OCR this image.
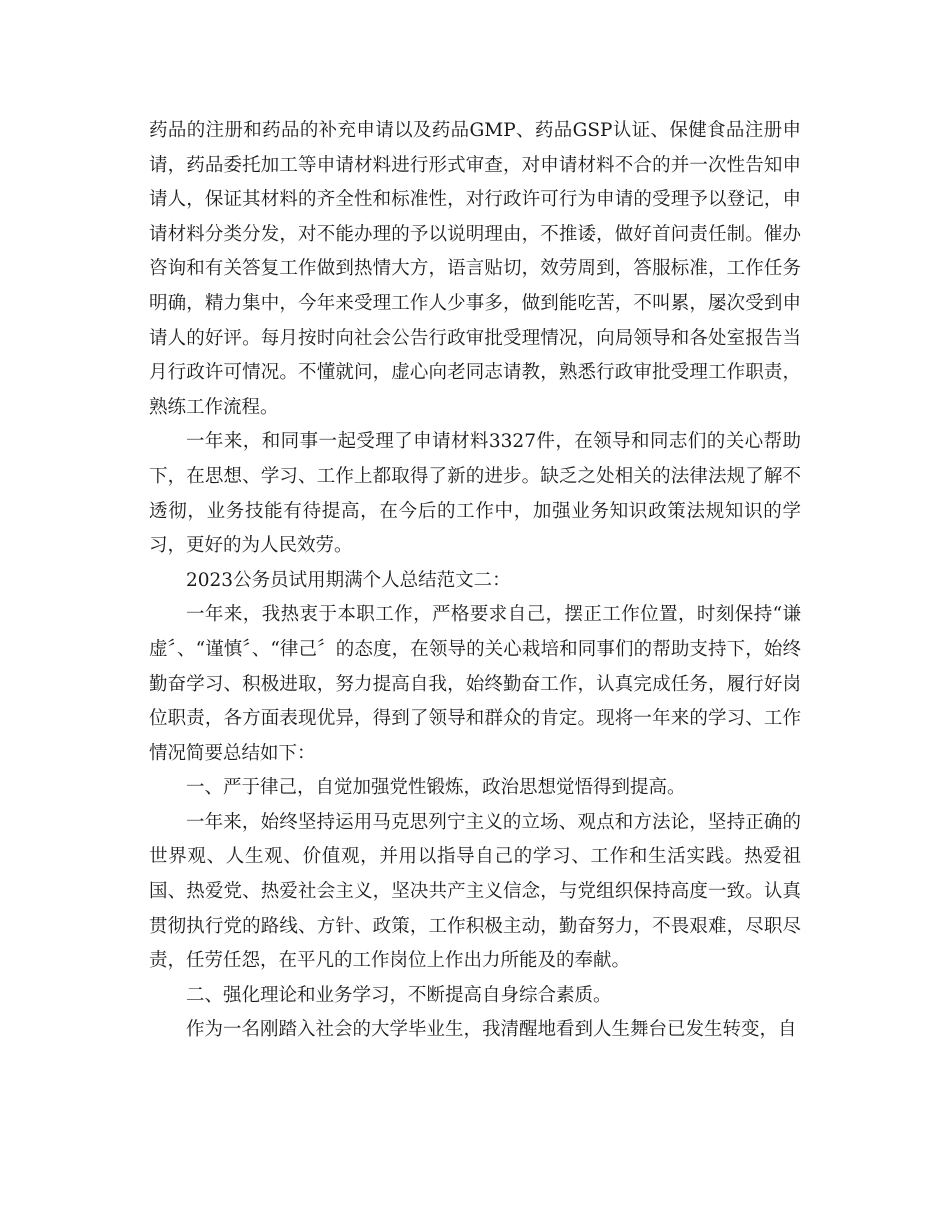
药品的注册和药品的补充申请以及药品GMP、药品GSP认证、保健食品注册申请，药品委托加工等申请材料进行形式审查，对申请材料不合的并一次性告知申请人，保证其材料的齐全性和标准性，对行政许可行为申请的受理予以登记，申请材料分类分发，对不能办理的予以说明理由，不推诿，做好首问责任制。催办咨询和有关答复工作做到热情大方，语言贴切，效劳周到，答服标准，工作任务明确，精力集中，今年来受理工作人少事多，做到能吃苦，不叫累，屡次受到申请人的好评。每月按时向社会公告行政审批受理情况，向局领导和各处室报告当月行政许可情况。不懂就问，虚心向老同志请教，熟悉行政审批受理工作职责，熟练工作流程。

一年来，和同事一起受理了申请材料3327件，在领导和同志们的关心帮助下，在思想、学习、工作上都取得了新的进步。缺乏之处相关的法律法规了解不透彻，业务技能有待提高，在今后的工作中，加强业务知识政策法规知识的学习，更好的为人民效劳。

2023公务员试用期满个人总结范文二：

一年来，我热衷于本职工作，严格要求自己，摆正工作位置，时刻保持“谦虚〞、“谨慎〞、“律己〞的态度，在领导的关心栽培和同事们的帮助支持下，始终勤奋学习、积极进取，努力提高自我，始终勤奋工作，认真完成任务，履行好岗位职责，各方面表现优异，得到了领导和群众的肯定。现将一年来的学习、工作情况简要总结如下：

一、严于律己，自觉加强党性锻炼，政治思想觉悟得到提高。

一年来，始终坚持运用马克思列宁主义的立场、观点和方法论，坚持正确的世界观、人生观、价值观，并用以指导自己的学习、工作和生活实践。热爱祖国、热爱党、热爱社会主义，坚决共产主义信念，与党组织保持高度一致。认真贯彻执行党的路线、方针、政策，工作积极主动，勤奋努力，不畏艰难，尽职尽责，任劳任怨，在平凡的工作岗位上作出力所能及的奉献。

二、强化理论和业务学习，不断提高自身综合素质。

作为一名刚踏入社会的大学毕业生，我清醒地看到人生舞台已发生转变，自
